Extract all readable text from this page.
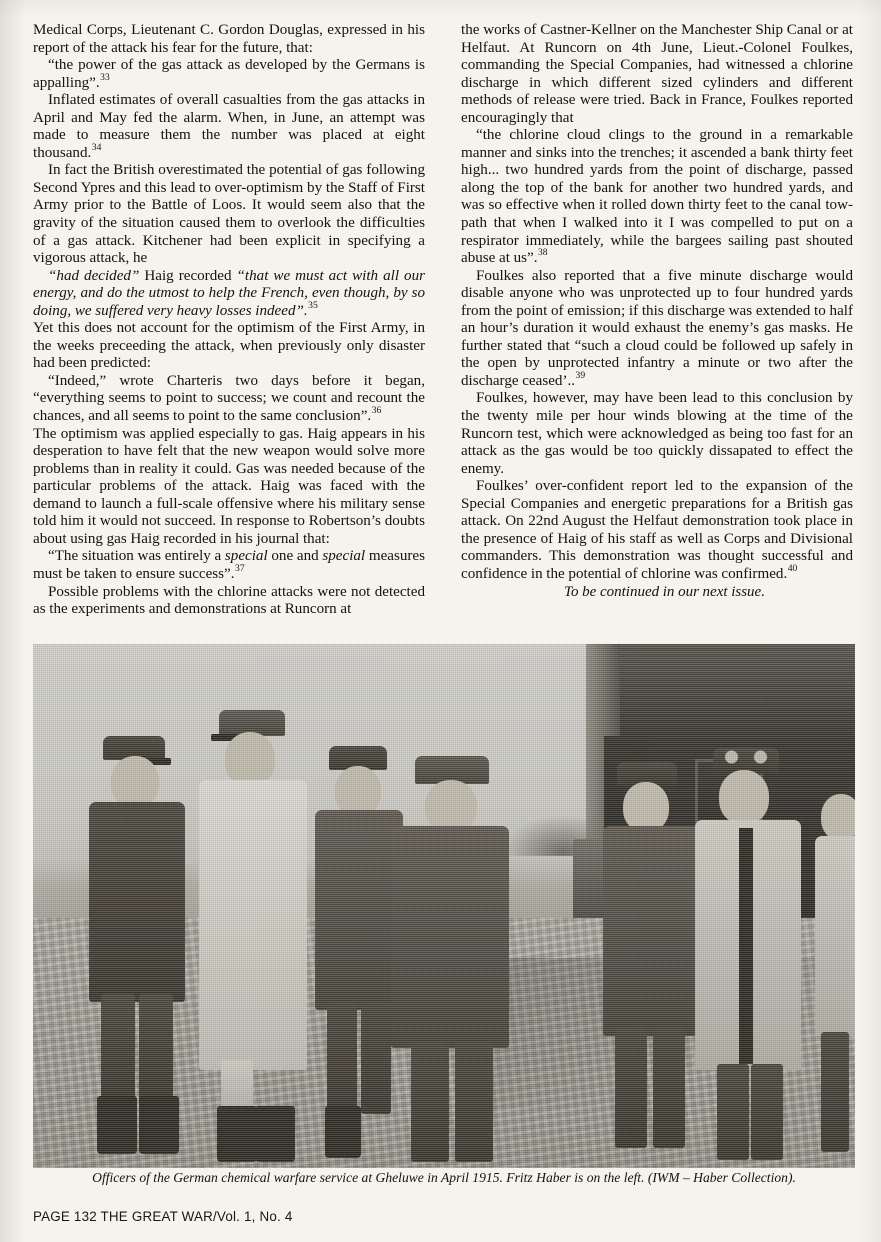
Medical Corps, Lieutenant C. Gordon Douglas, expressed in his report of the attack his fear for the future, that:

“the power of the gas attack as developed by the Germans is appalling”.$^{33}$

Inflated estimates of overall casualties from the gas attacks in April and May fed the alarm. When, in June, an attempt was made to measure them the number was placed at eight thousand.$^{34}$

In fact the British overestimated the potential of gas following Second Ypres and this lead to over-optimism by the Staff of First Army prior to the Battle of Loos. It would seem also that the gravity of the situation caused them to overlook the difficulties of a gas attack. Kitchener had been explicit in specifying a vigorous attack, he

“had decided” Haig recorded “that we must act with all our energy, and do the utmost to help the French, even though, by so doing, we suffered very heavy losses indeed”.$^{35}$

Yet this does not account for the optimism of the First Army, in the weeks preceeding the attack, when previously only disaster had been predicted:

“Indeed,” wrote Charteris two days before it began, “everything seems to point to success; we count and recount the chances, and all seems to point to the same conclusion”.$^{36}$

The optimism was applied especially to gas. Haig appears in his desperation to have felt that the new weapon would solve more problems than in reality it could. Gas was needed because of the particular problems of the attack. Haig was faced with the demand to launch a full-scale offensive where his military sense told him it would not succeed. In response to Robertson’s doubts about using gas Haig recorded in his journal that:

“The situation was entirely a special one and special measures must be taken to ensure success”.$^{37}$

Possible problems with the chlorine attacks were not detected as the experiments and demonstrations at Runcorn at

the works of Castner-Kellner on the Manchester Ship Canal or at Helfaut. At Runcorn on 4th June, Lieut.-Colonel Foulkes, commanding the Special Companies, had witnessed a chlorine discharge in which different sized cylinders and different methods of release were tried. Back in France, Foulkes reported encouragingly that

“the chlorine cloud clings to the ground in a remarkable manner and sinks into the trenches; it ascended a bank thirty feet high... two hundred yards from the point of discharge, passed along the top of the bank for another two hundred yards, and was so effective when it rolled down thirty feet to the canal tow-path that when I walked into it I was compelled to put on a respirator immediately, while the bargees sailing past shouted abuse at us”.$^{38}$

Foulkes also reported that a five minute discharge would disable anyone who was unprotected up to four hundred yards from the point of emission; if this discharge was extended to half an hour’s duration it would exhaust the enemy’s gas masks. He further stated that “such a cloud could be followed up safely in the open by unprotected infantry a minute or two after the discharge ceased’..$^{39}$

Foulkes, however, may have been lead to this conclusion by the twenty mile per hour winds blowing at the time of the Runcorn test, which were acknowledged as being too fast for an attack as the gas would be too quickly dissapated to effect the enemy.

Foulkes’ over-confident report led to the expansion of the Special Companies and energetic preparations for a British gas attack. On 22nd August the Helfaut demonstration took place in the presence of Haig of his staff as well as Corps and Divisional commanders. This demonstration was thought successful and confidence in the potential of chlorine was confirmed.$^{40}$

To be continued in our next issue.

Officers of the German chemical warfare service at Gheluwe in April 1915. Fritz Haber is on the left. (IWM – Haber Collection).
PAGE 132 THE GREAT WAR/Vol. 1, No. 4
